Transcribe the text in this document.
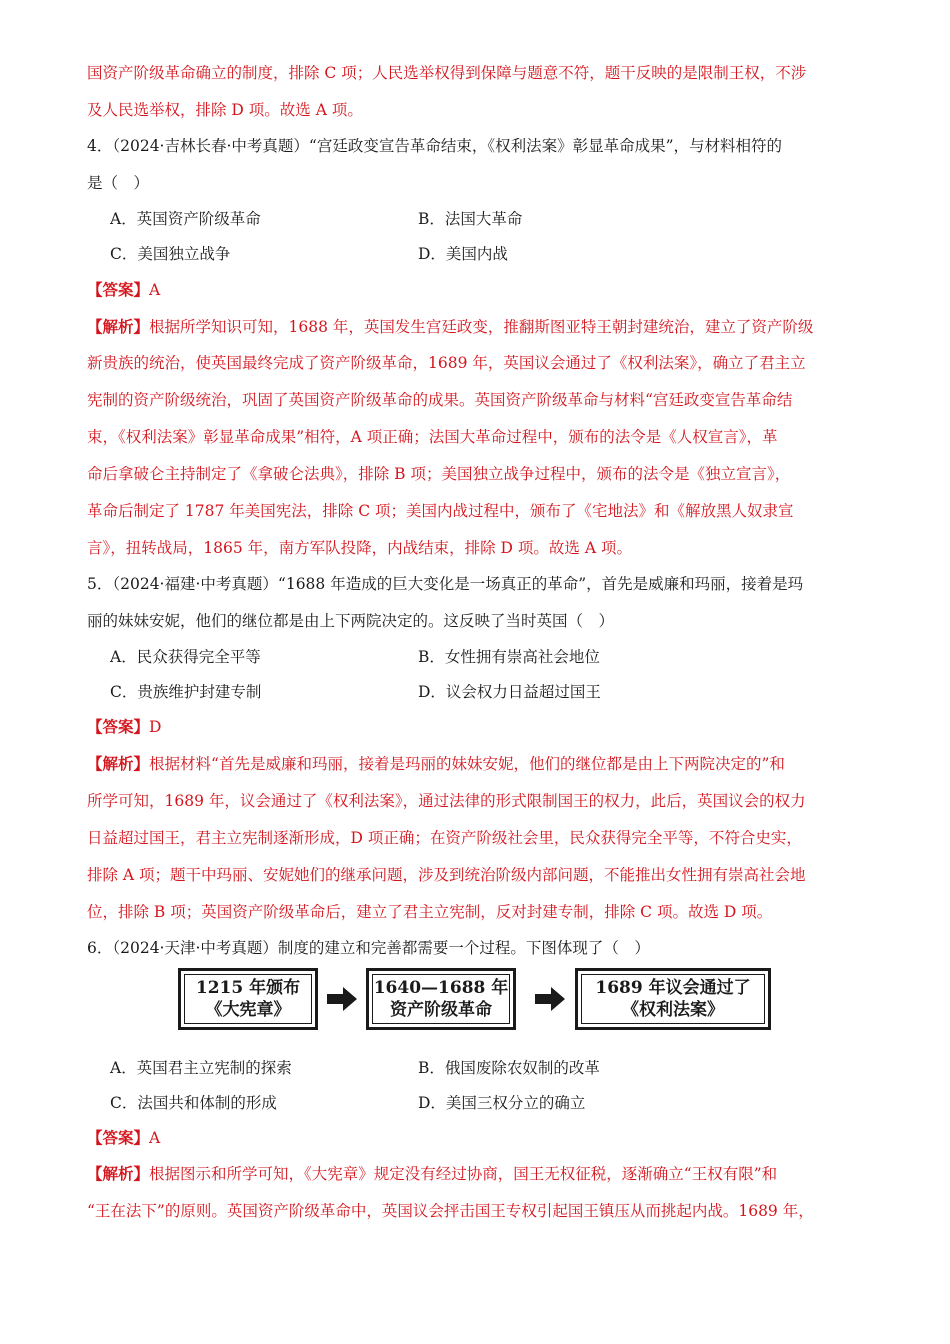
国资产阶级革命确立的制度，排除 C 项；人民选举权得到保障与题意不符，题干反映的是限制王权，不涉
及人民选举权，排除 D 项。故选 A 项。
4．（2024·吉林长春·中考真题）“宫廷政变宣告革命结束，《权利法案》彰显革命成果”，与材料相符的
是（　）
A．英国资产阶级革命	B．法国大革命
C．美国独立战争	D．美国内战
【答案】A
【解析】根据所学知识可知，1688 年，英国发生宫廷政变，推翻斯图亚特王朝封建统治，建立了资产阶级
新贵族的统治，使英国最终完成了资产阶级革命，1689 年，英国议会通过了《权利法案》，确立了君主立
宪制的资产阶级统治，巩固了英国资产阶级革命的成果。英国资产阶级革命与材料“宫廷政变宣告革命结
束，《权利法案》彰显革命成果”相符，A 项正确；法国大革命过程中，颁布的法令是《人权宣言》，革
命后拿破仑主持制定了《拿破仑法典》，排除 B 项；美国独立战争过程中，颁布的法令是《独立宣言》，
革命后制定了 1787 年美国宪法，排除 C 项；美国内战过程中，颁布了《宅地法》和《解放黑人奴隶宣
言》，扭转战局，1865 年，南方军队投降，内战结束，排除 D 项。故选 A 项。
5．（2024·福建·中考真题）“1688 年造成的巨大变化是一场真正的革命”，首先是威廉和玛丽，接着是玛
丽的妹妹安妮，他们的继位都是由上下两院决定的。这反映了当时英国（　）
A．民众获得完全平等	B．女性拥有崇高社会地位
C．贵族维护封建专制	D．议会权力日益超过国王
【答案】D
【解析】根据材料“首先是威廉和玛丽，接着是玛丽的妹妹安妮，他们的继位都是由上下两院决定的”和
所学可知，1689 年，议会通过了《权利法案》，通过法律的形式限制国王的权力，此后，英国议会的权力
日益超过国王，君主立宪制逐渐形成，D 项正确；在资产阶级社会里，民众获得完全平等，不符合史实，
排除 A 项；题干中玛丽、安妮她们的继承问题，涉及到统治阶级内部问题，不能推出女性拥有崇高社会地
位，排除 B 项；英国资产阶级革命后，建立了君主立宪制，反对封建专制，排除 C 项。故选 D 项。
6．（2024·天津·中考真题）制度的建立和完善都需要一个过程。下图体现了（　）
1215 年颁布
《大宪章》
1640—1688 年
资产阶级革命
1689 年议会通过了
《权利法案》
A．英国君主立宪制的探索	B．俄国废除农奴制的改革
C．法国共和体制的形成	D．美国三权分立的确立
【答案】A
【解析】根据图示和所学可知，《大宪章》规定没有经过协商，国王无权征税，逐渐确立“王权有限”和
“王在法下”的原则。英国资产阶级革命中，英国议会抨击国王专权引起国王镇压从而挑起内战。1689 年，
